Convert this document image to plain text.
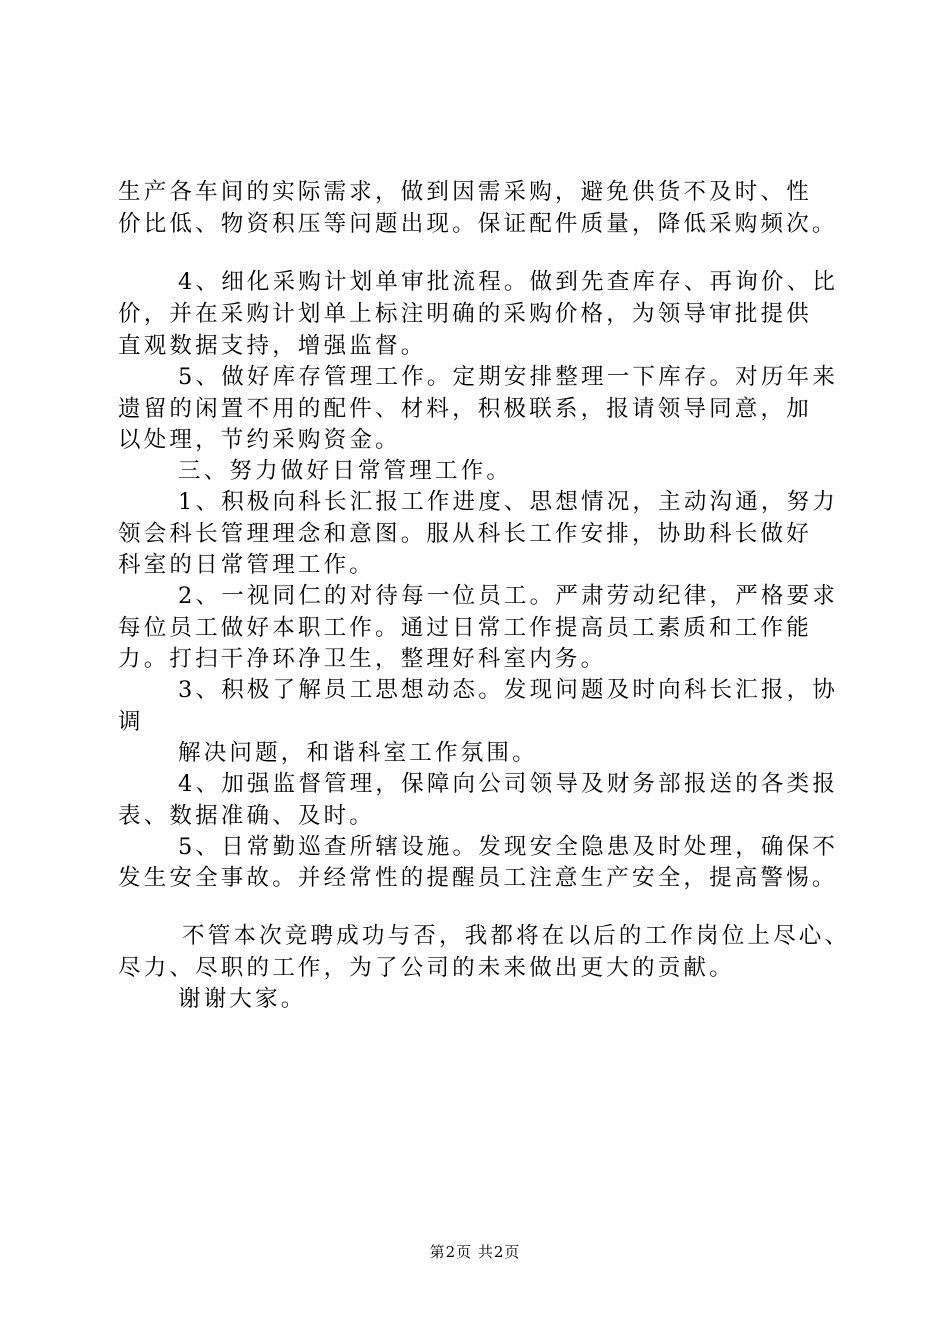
生产各车间的实际需求，做到因需采购，避免供货不及时、性
价比低、物资积压等问题出现。保证配件质量，降低采购频次。
4、细化采购计划单审批流程。做到先查库存、再询价、比
价，并在采购计划单上标注明确的采购价格，为领导审批提供
直观数据支持，增强监督。
5、做好库存管理工作。定期安排整理一下库存。对历年来
遗留的闲置不用的配件、材料，积极联系，报请领导同意，加
以处理，节约采购资金。
三、努力做好日常管理工作。
1、积极向科长汇报工作进度、思想情况，主动沟通，努力
领会科长管理理念和意图。服从科长工作安排，协助科长做好
科室的日常管理工作。
2、一视同仁的对待每一位员工。严肃劳动纪律，严格要求
每位员工做好本职工作。通过日常工作提高员工素质和工作能
力。打扫干净环净卫生，整理好科室内务。
3、积极了解员工思想动态。发现问题及时向科长汇报，协
调
解决问题，和谐科室工作氛围。
4、加强监督管理，保障向公司领导及财务部报送的各类报
表、数据准确、及时。
5、日常勤巡查所辖设施。发现安全隐患及时处理，确保不
发生安全事故。并经常性的提醒员工注意生产安全，提高警惕。
不管本次竞聘成功与否，我都将在以后的工作岗位上尽心、
尽力、尽职的工作，为了公司的未来做出更大的贡献。
谢谢大家。
第2页 共2页
